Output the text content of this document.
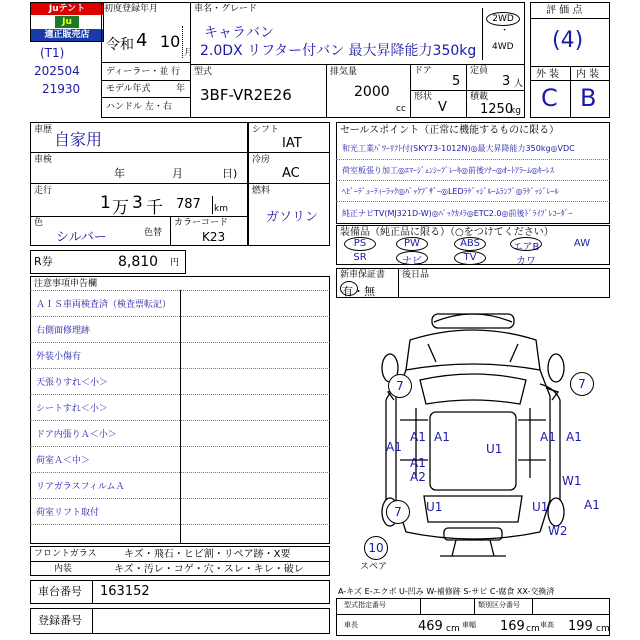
Juテント
Ju
適正販売店
(T1)
202504
21930
初度登録年月
令和 4 10
月
車名・グレード
キャラバン
2.0DX リフター付バン 最大昇降能力350kg
2WD
・
4WD
ディーラー・並 行
モデル年式	年
ハンドル 左・右
型式
3BF-VR2E26
排気量
2000
cc
ドア
5
定員
3 人
形状
V
積載
1250
kg
評 価 点
(4)
外 装 内 装
C B
車歴 自家用
車検
年	月	日)
走行
1 万 3 千 787 km
色
シルバー	色替
カラーコード
K23
シフト
IAT
冷房
AC
燃料
ガソリン
R券	8,810 円
セールスポイント（正常に機能するものに限る）
和光工業ﾊﾟﾜｰﾘﾌﾄ付(SKY73-1012N)◎最大昇降能力350kg◎VDC
荷室板張り加工◎ｴﾏｰｼﾞｪﾝｼｰﾌﾞﾚｰｷ◎前後ｿﾅｰ◎ｵｰﾄｱﾗｰﾑ◎ｷｰﾚｽ
ﾍﾋﾞｰﾃﾞｭｰﾃｨｰﾗｯｸ◎ﾊﾞｯｸﾌﾞｻﾞｰ◎LEDﾗｹﾞｯｼﾞﾙｰﾑﾗﾝﾌﾟ◎ﾗｹﾞｯｼﾞﾚｰﾙ
純正ナビTV(MJ321D-W)◎ﾊﾞｯｸｶﾒﾗ◎ETC2.0◎前後ﾄﾞﾗｲﾌﾞﾚｺｰﾀﾞｰ
装備品（純正品に限る）（○をつけてください）
PS	PW	ABS	エアB	AW
SR	ナビ	TV	カワ
新車保証書
有・無
後日品
注意事項申告欄
ＡＩＳ車両検査済（検査票転記）
右側面修理跡
外装小傷有
天張りすれ＜小＞
シートすれ＜小＞
ドア内張りＡ＜小＞
荷室Ａ＜中＞
リアガラスフィルムＡ
荷室リフト取付
7	7
A1
A1 A1
U1
A1 A1
A1
A2
U1	U1
W1
A1
W2
7
10
スペア
フロントガラス	キズ・飛石・ヒビ割・リペア跡・X要
内装	キズ・汚レ・コゲ・穴・スレ・キレ・破レ
車台番号 163152
登録番号
A-キズ E-エクボ U-凹み W-補修跡 S-サビ C-腐食 XX-交換済
型式指定番号	類別区分番号
車長	469 cm 車幅 169 cm 車高 199 cm
